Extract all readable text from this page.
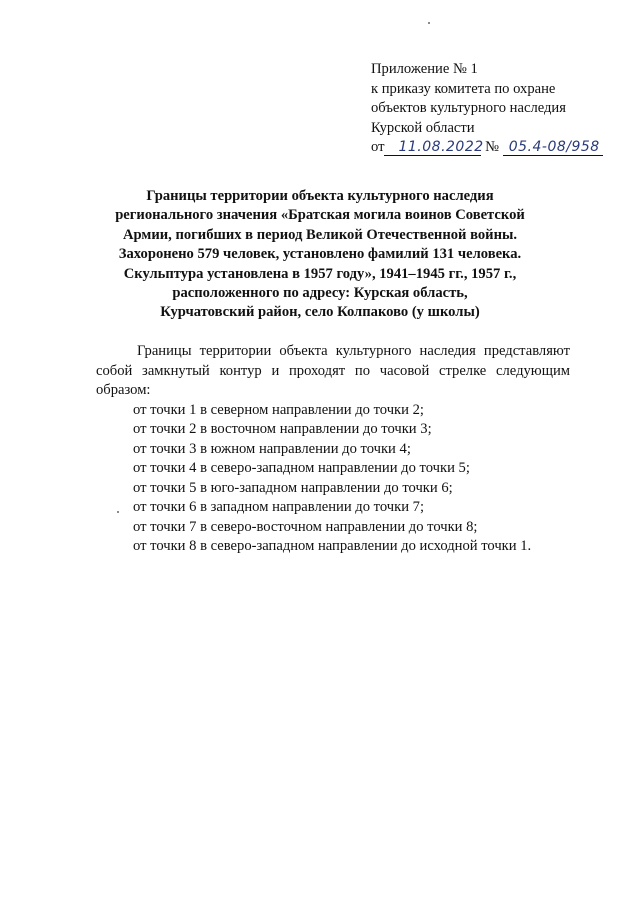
Приложение № 1
к приказу комитета по охране
объектов культурного наследия
Курской области
от 11.08.2022 № 05.4-08/958
Границы территории объекта культурного наследия
регионального значения «Братская могила воинов Советской
Армии, погибших в период Великой Отечественной войны.
Захоронено 579 человек, установлено фамилий 131 человека.
Скульптура установлена в 1957 году», 1941–1945 гг., 1957 г.,
расположенного по адресу: Курская область,
Курчатовский район, село Колпаково (у школы)

Границы территории объекта культурного наследия представляют
собой замкнутый контур и проходят по часовой стрелке следующим
образом:

от точки 1 в северном направлении до точки 2;
от точки 2 в восточном направлении до точки 3;
от точки 3 в южном направлении до точки 4;
от точки 4 в северо-западном направлении до точки 5;
от точки 5 в юго-западном направлении до точки 6;
от точки 6 в западном направлении до точки 7;
от точки 7 в северо-восточном направлении до точки 8;
от точки 8 в северо-западном направлении до исходной точки 1.
